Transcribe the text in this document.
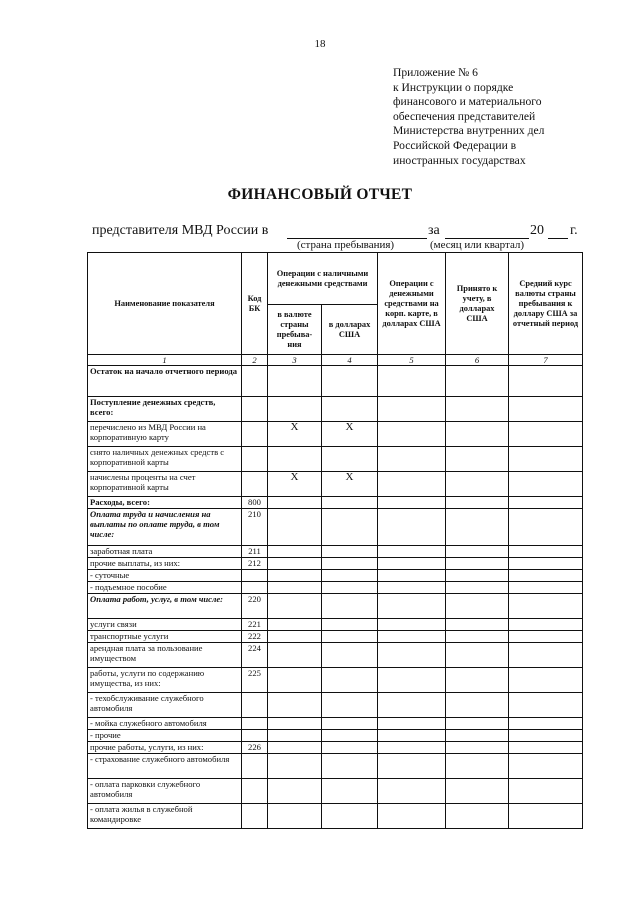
18
Приложение № 6
к Инструкции о порядке
финансового и материального
обеспечения представителей
Министерства внутренних дел
Российской Федерации в
иностранных государствах
ФИНАНСОВЫЙ ОТЧЕТ
представителя МВД России в	за	20 г.
(страна пребывания)	(месяц или квартал)
Наименование показателя	Код БК	Операции с наличными денежными средствами		Операции с денежными средствами на корп. карте, в долларах США	Принято к учету, в долларах США	Средний курс валюты страны пребывания к доллару США за отчетный период
		в валюте страны пребыва-ния	в долларах США			
1	2	3	4	5	6	7
Остаток на начало отчетного периода						
Поступление денежных средств, всего:						
перечислено из МВД России на корпоративную карту		Х	Х			
снято наличных денежных средств с корпоративной карты						
начислены проценты на счет корпоративной карты		Х	Х			
Расходы, всего:	800					
Оплата труда и начисления на выплаты по оплате труда, в том числе:	210					
заработная плата	211					
прочие выплаты, из них:	212					
- суточные						
- подъемное пособие						
Оплата работ, услуг, в том числе:	220					
услуги связи	221					
транспортные услуги	222					
арендная плата за пользование имуществом	224					
работы, услуги по содержанию имущества, из них:	225					
- техобслуживание служебного автомобиля						
- мойка служебного автомобиля						
- прочие						
прочие работы, услуги, из них:	226					
- страхование служебного автомобиля						
- оплата парковки служебного автомобиля						
- оплата жилья в служебной командировке						
